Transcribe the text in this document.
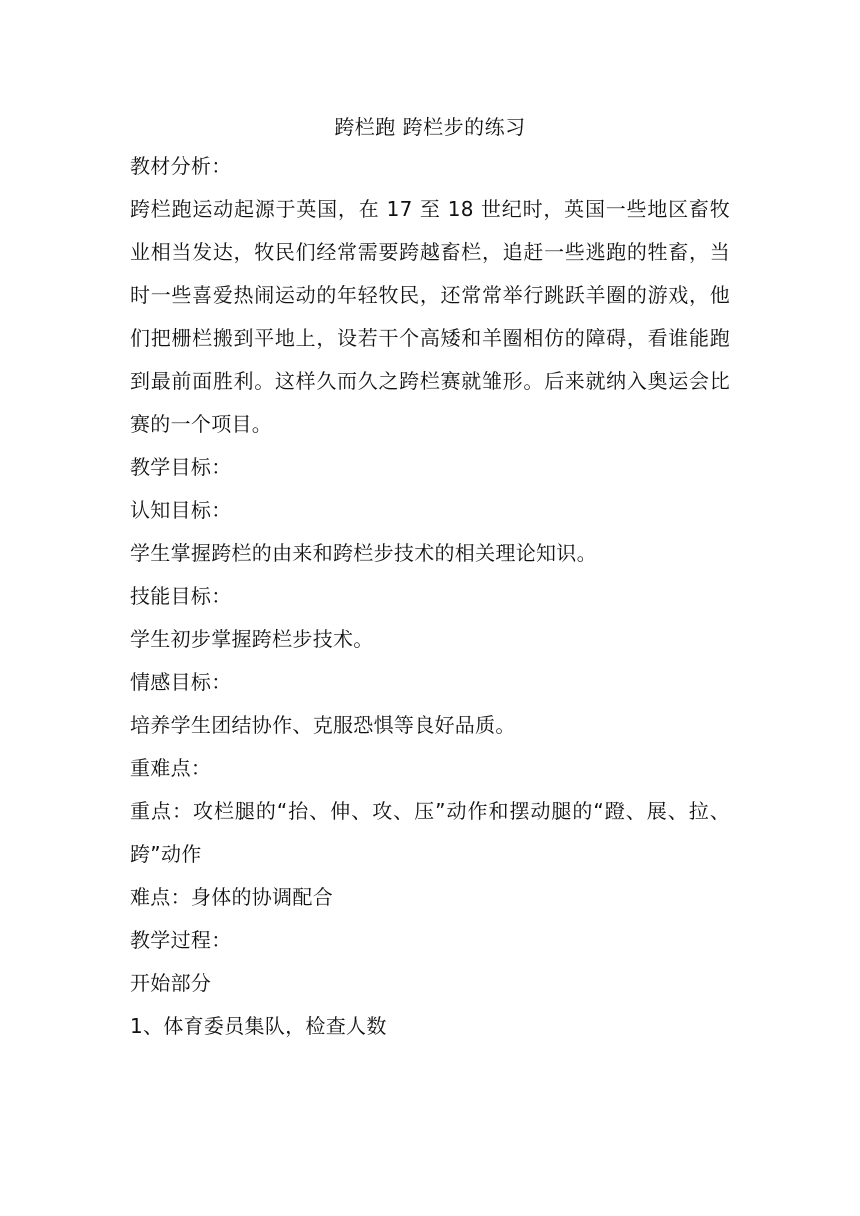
跨栏跑 跨栏步的练习

教材分析：

跨栏跑运动起源于英国，在 17 至 18 世纪时，英国一些地区畜牧业相当发达，牧民们经常需要跨越畜栏，追赶一些逃跑的牲畜，当时一些喜爱热闹运动的年轻牧民，还常常举行跳跃羊圈的游戏，他们把栅栏搬到平地上，设若干个高矮和羊圈相仿的障碍，看谁能跑到最前面胜利。这样久而久之跨栏赛就雏形。后来就纳入奥运会比赛的一个项目。

教学目标：

认知目标：

学生掌握跨栏的由来和跨栏步技术的相关理论知识。

技能目标：

学生初步掌握跨栏步技术。

情感目标：

培养学生团结协作、克服恐惧等良好品质。

重难点：

重点：攻栏腿的“抬、伸、攻、压”动作和摆动腿的“蹬、展、拉、跨”动作

难点：身体的协调配合

教学过程：

开始部分

1、体育委员集队，检查人数
